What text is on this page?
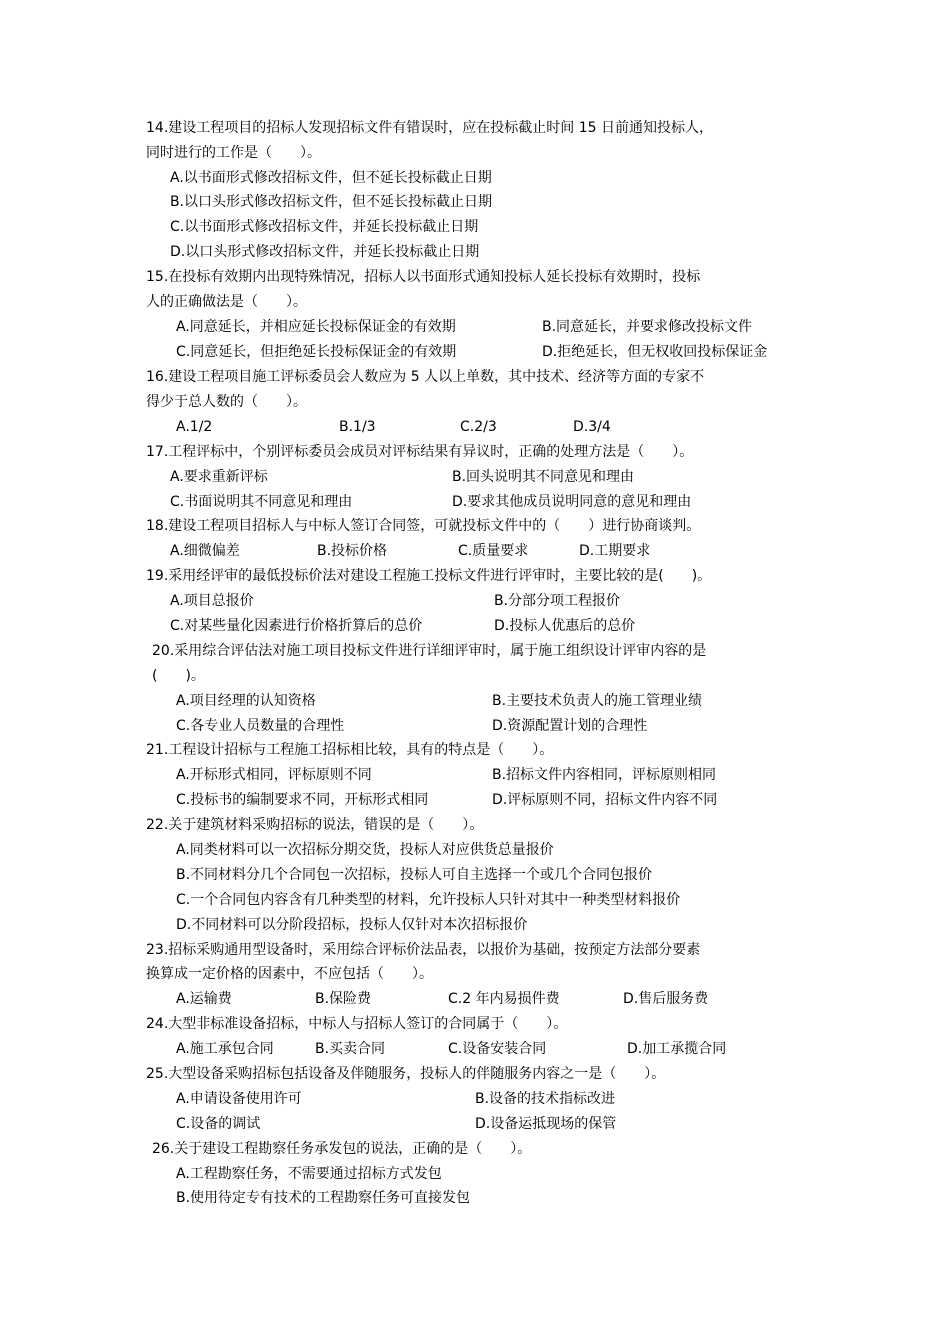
14.建设工程项目的招标人发现招标文件有错误时，应在投标截止时间 15 日前通知投标人，
同时进行的工作是（　　）。
A.以书面形式修改招标文件，但不延长投标截止日期
B.以口头形式修改招标文件，但不延长投标截止日期
C.以书面形式修改招标文件，并延长投标截止日期
D.以口头形式修改招标文件，并延长投标截止日期
15.在投标有效期内出现特殊情况，招标人以书面形式通知投标人延长投标有效期时，投标
人的正确做法是（　　）。
A.同意延长，并相应延长投标保证金的有效期	B.同意延长，并要求修改投标文件
C.同意延长，但拒绝延长投标保证金的有效期	D.拒绝延长，但无权收回投标保证金
16.建设工程项目施工评标委员会人数应为 5 人以上单数，其中技术、经济等方面的专家不
得少于总人数的（　　）。
A.1/2	B.1/3	C.2/3	D.3/4
17.工程评标中，个别评标委员会成员对评标结果有异议时，正确的处理方法是（　　）。
A.要求重新评标	B.回头说明其不同意见和理由
C.书面说明其不同意见和理由	D.要求其他成员说明同意的意见和理由
18.建设工程项目招标人与中标人签订合同签，可就投标文件中的（　　）进行协商谈判。
A.细微偏差	B.投标价格	C.质量要求	D.工期要求
19.采用经评审的最低投标价法对建设工程施工投标文件进行评审时，主要比较的是(　　)。
A.项目总报价	B.分部分项工程报价
C.对某些量化因素进行价格折算后的总价	D.投标人优惠后的总价
20.采用综合评估法对施工项目投标文件进行详细评审时，属于施工组织设计评审内容的是
(　　)。
A.项目经理的认知资格	B.主要技术负责人的施工管理业绩
C.各专业人员数量的合理性	D.资源配置计划的合理性
21.工程设计招标与工程施工招标相比较，具有的特点是（　　）。
A.开标形式相同，评标原则不同	B.招标文件内容相同，评标原则相同
C.投标书的编制要求不同，开标形式相同	D.评标原则不同，招标文件内容不同
22.关于建筑材料采购招标的说法，错误的是（　　）。
A.同类材料可以一次招标分期交货，投标人对应供货总量报价
B.不同材料分几个合同包一次招标，投标人可自主选择一个或几个合同包报价
C.一个合同包内容含有几种类型的材料，允许投标人只针对其中一种类型材料报价
D.不同材料可以分阶段招标，投标人仅针对本次招标报价
23.招标采购通用型设备时，采用综合评标价法品表，以报价为基础，按预定方法部分要素
换算成一定价格的因素中，不应包括（　　）。
A.运输费	B.保险费	C.2 年内易损件费	D.售后服务费
24.大型非标准设备招标，中标人与招标人签订的合同属于（　　）。
A.施工承包合同	B.买卖合同	C.设备安装合同	D.加工承揽合同
25.大型设备采购招标包括设备及伴随服务，投标人的伴随服务内容之一是（　　）。
A.申请设备使用许可	B.设备的技术指标改进
C.设备的调试	D.设备运抵现场的保管
26.关于建设工程勘察任务承发包的说法，正确的是（　　）。
A.工程勘察任务，不需要通过招标方式发包
B.使用待定专有技术的工程勘察任务可直接发包
